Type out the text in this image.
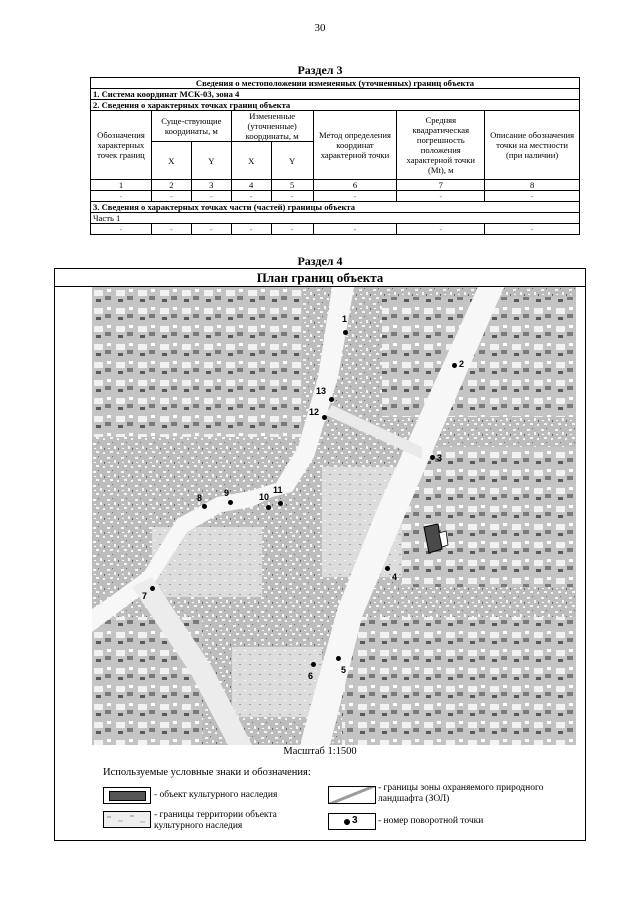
30
Раздел 3
Сведения о местоположении измененных (уточненных) границ объекта							
1. Система координат МСК-03, зона 4							
2. Сведения о характерных точках границ объекта							
Обозначения характерных точек границ	Суще-ствующие координаты, м		Измененные (уточненные) координаты, м		Метод определения координат характерной точки	Средняя квадратическая погрешность положения характерной точки (Mt), м	Описание обозначения точки на местности (при наличии)
	X	Y	X	Y			
1	2	3	4	5	6	7	8
-	-	-	-	-	-	-	-
3. Сведения о характерных точках части (частей) границы объекта							
Часть 1							
-	-	-	-	-	-	-	-
Раздел 4
План границ объекта
1
2
3
4
5
6
7
8 9	10
11
12
13
Масштаб 1:1500
Используемые условные знаки и обозначения:
- объект культурного наследия
- границы территории объекта культурного наследия
- границы зоны охраняемого природного ландшафта (ЗОЛ)
3 - номер поворотной точки
